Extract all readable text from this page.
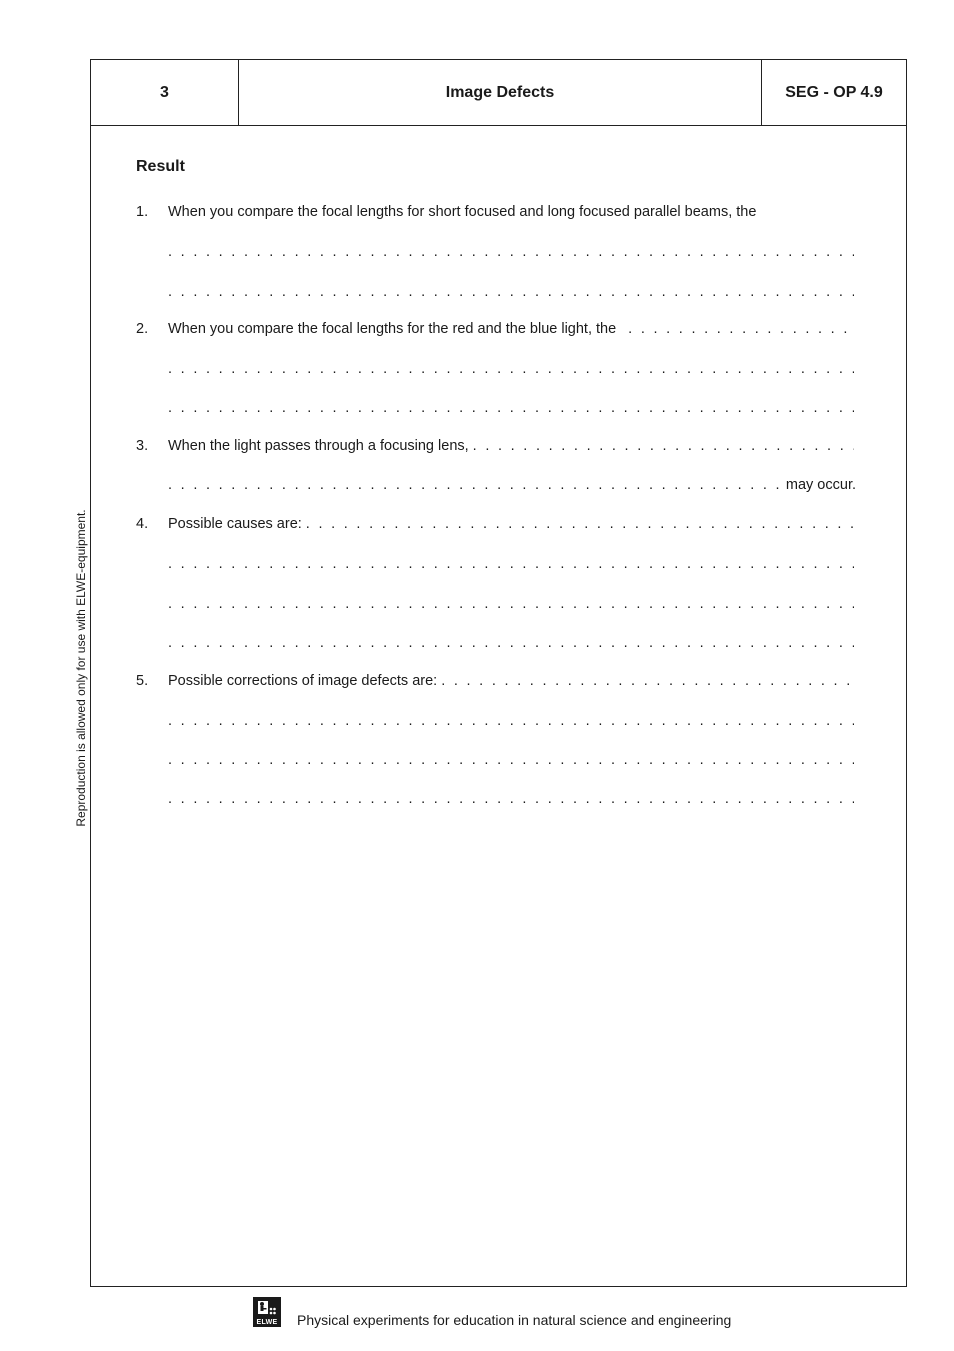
3	Image Defects	SEG - OP 4.9
Result
1. When you compare the focal lengths for short focused and long focused parallel beams, the
. . .
. . .
2. When you compare the focal lengths for the red and the blue light, the
. . .
. . .
. . .
3. When the light passes through a focusing lens,
. . .
. . .
may occur.
4. Possible causes are:
. . .
. . .
. . .
. . .
5. Possible corrections of image defects are:
. . .
. . .
. . .
. . .
Reproduction is allowed only for use with ELWE-equipment.
ELWE Physical experiments for education in natural science and engineering
